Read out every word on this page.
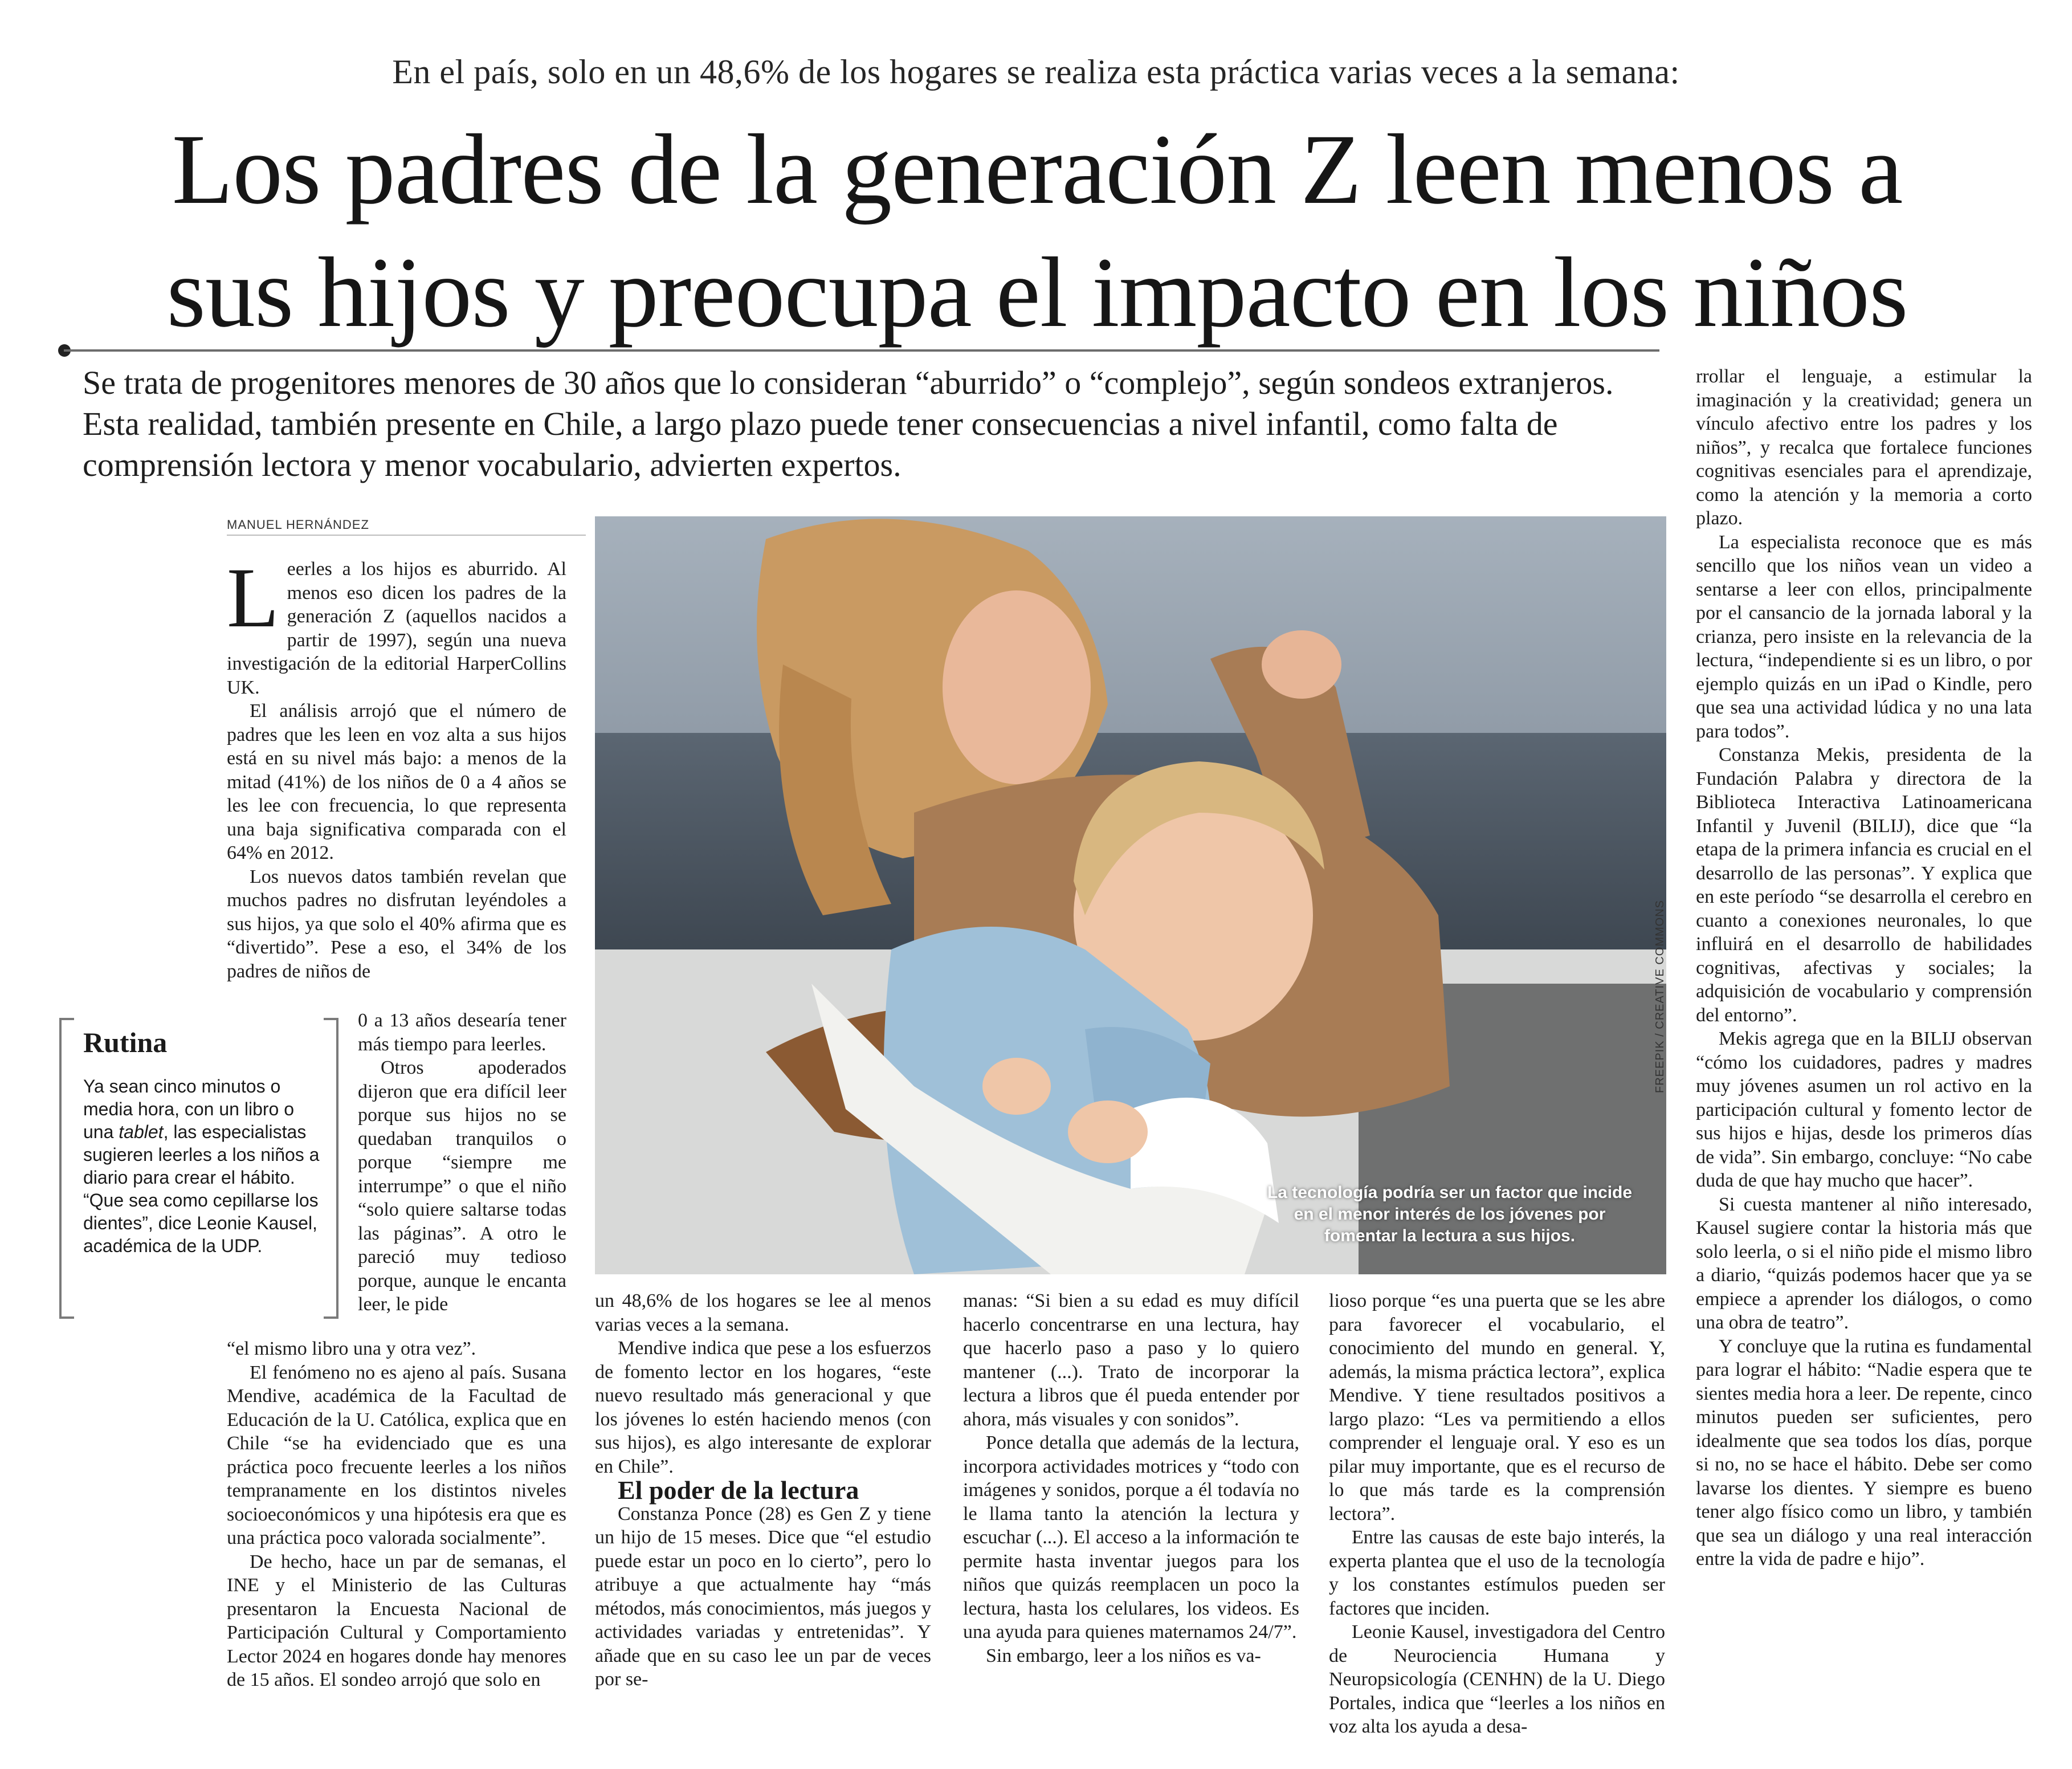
En el país, solo en un 48,6% de los hogares se realiza esta práctica varias veces a la semana:
Los padres de la generación Z leen menos a
sus hijos y preocupa el impacto en los niños
Se trata de progenitores menores de 30 años que lo consideran “aburrido” o “complejo”, según sondeos extranjeros. Esta realidad, también presente en Chile, a largo plazo puede tener consecuencias a nivel infantil, como falta de comprensión lectora y menor vocabulario, advierten expertos.
MANUEL HERNÁNDEZ
La tecnología podría ser un factor que incide en el menor interés de los jóvenes por fomentar la lectura a sus hijos.
FREEPIK / CREATIVE COMMONS
Rutina
Ya sean cinco minutos o media hora, con un libro o una tablet, las especialistas sugieren leerles a los niños a diario para crear el hábito. “Que sea como cepillarse los dientes”, dice Leonie Kausel, académica de la UDP.

Leerles a los hijos es aburrido. Al menos eso dicen los padres de la generación Z (aquellos nacidos a partir de 1997), según una nueva investigación de la editorial HarperCollins UK.

El análisis arrojó que el número de padres que les leen en voz alta a sus hijos está en su nivel más bajo: a menos de la mitad (41%) de los niños de 0 a 4 años se les lee con frecuencia, lo que representa una baja significativa comparada con el 64% en 2012.

Los nuevos datos también revelan que muchos padres no disfrutan leyéndoles a sus hijos, ya que solo el 40% afirma que es “divertido”. Pese a eso, el 34% de los padres de niños de

0 a 13 años desearía tener más tiempo para leerles.

Otros apoderados dijeron que era difícil leer porque sus hijos no se quedaban tranquilos o porque “siempre me interrumpe” o que el niño “solo quiere saltarse todas las páginas”. A otro le pareció muy tedioso porque, aunque le encanta leer, le pide

“el mismo libro una y otra vez”.

El fenómeno no es ajeno al país. Susana Mendive, académica de la Facultad de Educación de la U. Católica, explica que en Chile “se ha evidenciado que es una práctica poco frecuente leerles a los niños tempranamente en los distintos niveles socioeconómicos y una hipótesis era que es una práctica poco valorada socialmente”.

De hecho, hace un par de semanas, el INE y el Ministerio de las Culturas presentaron la Encuesta Nacional de Participación Cultural y Comportamiento Lector 2024 en hogares donde hay menores de 15 años. El sondeo arrojó que solo en

un 48,6% de los hogares se lee al menos varias veces a la semana.

Mendive indica que pese a los esfuerzos de fomento lector en los hogares, “este nuevo resultado más generacional y que los jóvenes lo estén haciendo menos (con sus hijos), es algo interesante de explorar en Chile”.

El poder de la lectura

Constanza Ponce (28) es Gen Z y tiene un hijo de 15 meses. Dice que “el estudio puede estar un poco en lo cierto”, pero lo atribuye a que actualmente hay “más métodos, más conocimientos, más juegos y actividades variadas y entretenidas”. Y añade que en su caso lee un par de veces por se-

manas: “Si bien a su edad es muy difícil hacerlo concentrarse en una lectura, hay que hacerlo paso a paso y lo quiero mantener (...). Trato de incorporar la lectura a libros que él pueda entender por ahora, más visuales y con sonidos”.

Ponce detalla que además de la lectura, incorpora actividades motrices y “todo con imágenes y sonidos, porque a él todavía no le llama tanto la atención la lectura y escuchar (...). El acceso a la información te permite hasta inventar juegos para los niños que quizás reemplacen un poco la lectura, hasta los celulares, los videos. Es una ayuda para quienes maternamos 24/7”.

Sin embargo, leer a los niños es va-

lioso porque “es una puerta que se les abre para favorecer el vocabulario, el conocimiento del mundo en general. Y, además, la misma práctica lectora”, explica Mendive. Y tiene resultados positivos a largo plazo: “Les va permitiendo a ellos comprender el lenguaje oral. Y eso es un pilar muy importante, que es el recurso de lo que más tarde es la comprensión lectora”.

Entre las causas de este bajo interés, la experta plantea que el uso de la tecnología y los constantes estímulos pueden ser factores que inciden.

Leonie Kausel, investigadora del Centro de Neurociencia Humana y Neuropsicología (CENHN) de la U. Diego Portales, indica que “leerles a los niños en voz alta los ayuda a desa-

rrollar el lenguaje, a estimular la imaginación y la creatividad; genera un vínculo afectivo entre los padres y los niños”, y recalca que fortalece funciones cognitivas esenciales para el aprendizaje, como la atención y la memoria a corto plazo.

La especialista reconoce que es más sencillo que los niños vean un video a sentarse a leer con ellos, principalmente por el cansancio de la jornada laboral y la crianza, pero insiste en la relevancia de la lectura, “independiente si es un libro, o por ejemplo quizás en un iPad o Kindle, pero que sea una actividad lúdica y no una lata para todos”.

Constanza Mekis, presidenta de la Fundación Palabra y directora de la Biblioteca Interactiva Latinoamericana Infantil y Juvenil (BILIJ), dice que “la etapa de la primera infancia es crucial en el desarrollo de las personas”. Y explica que en este período “se desarrolla el cerebro en cuanto a conexiones neuronales, lo que influirá en el desarrollo de habilidades cognitivas, afectivas y sociales; la adquisición de vocabulario y comprensión del entorno”.

Mekis agrega que en la BILIJ observan “cómo los cuidadores, padres y madres muy jóvenes asumen un rol activo en la participación cultural y fomento lector de sus hijos e hijas, desde los primeros días de vida”. Sin embargo, concluye: “No cabe duda de que hay mucho que hacer”.

Si cuesta mantener al niño interesado, Kausel sugiere contar la historia más que solo leerla, o si el niño pide el mismo libro a diario, “quizás podemos hacer que ya se empiece a aprender los diálogos, o como una obra de teatro”.

Y concluye que la rutina es fundamental para lograr el hábito: “Nadie espera que te sientes media hora a leer. De repente, cinco minutos pueden ser suficientes, pero idealmente que sea todos los días, porque si no, no se hace el hábito. Debe ser como lavarse los dientes. Y siempre es bueno tener algo físico como un libro, y también que sea un diálogo y una real interacción entre la vida de padre e hijo”.
